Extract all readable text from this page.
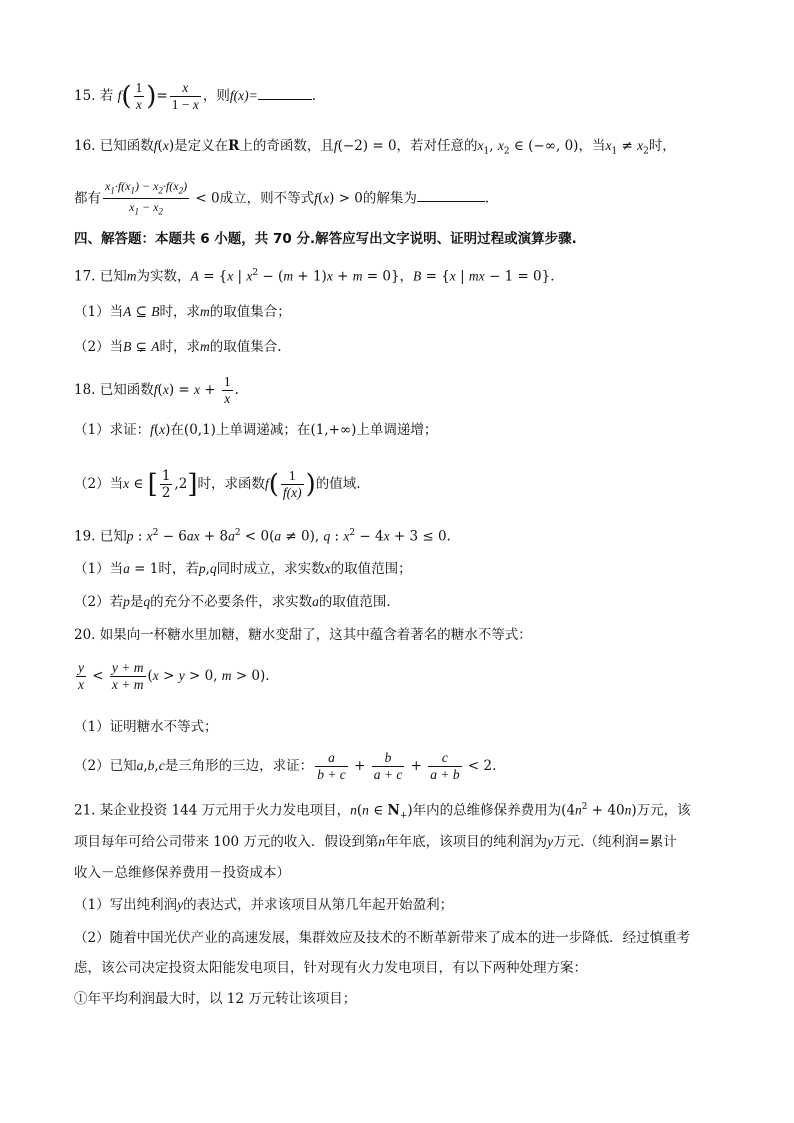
15. 若 $f( \frac{1}{x}$ )= $\frac{x}{1 - x}$ ，则f(x)=	.
16. 已知函数f(x)是定义在R上的奇函数，且f(−2) = 0，若对任意的$x_1$, $x_2$ ∈ (−∞, 0)，当$x_1 \ne x_2$时，
都有 $\frac{x_1\cdot f(x_1) - x_2\cdot f(x_2)}{x_1 - x_2} < 0$成立，则不等式f(x) > 0的解集为	.
四、解答题：本题共 6 小题，共 70 分.解答应写出文字说明、证明过程或演算步骤.
17. 已知m为实数，A = {x | $x^2 - (m + 1)x + m = 0$}，B = {x | mx − 1 = 0}.
（1）当A ⊆ B时，求m的取值集合；
（2）当B ⊊ A时，求m的取值集合.
18. 已知函数$f(x) = x + \frac{1}{x}$ .
（1）求证：f(x)在(0,1)上单调递减；在(1,+∞)上单调递增；
（2）当x ∈ [ $\frac{1}{2} ,2$]时，求函数$f( \frac{1}{f(x)}$ )的值域.
19. 已知p : $x^2 - 6ax + 8a^2 < 0(a \ne 0)$, q : $x^2 - 4x + 3 \le 0$.
（1）当a = 1时，若p,q同时成立，求实数x的取值范围；
（2）若p是q的充分不必要条件，求实数a的取值范围.
20. 如果向一杯糖水里加糖，糖水变甜了，这其中蕴含着著名的糖水不等式：
$\frac{y}{x} < \frac{y + m}{x + m} (x > y > 0$, m > 0).
（1）证明糖水不等式；
（2）已知a,b,c是三角形的三边，求证： $\frac{a}{b + c} + \frac{b}{a + c} + \frac{c}{a + b} < 2$.
21. 某企业投资 144 万元用于火力发电项目，n(n ∈ $N_+$)年内的总维修保养费用为$(4n^2 + 40n)$万元，该
项目每年可给公司带来 100 万元的收入．假设到第n年年底，该项目的纯利润为y万元.（纯利润=累计
收入－总维修保养费用－投资成本）
（1）写出纯利润y的表达式，并求该项目从第几年起开始盈利；
（2）随着中国光伏产业的高速发展，集群效应及技术的不断革新带来了成本的进一步降低．经过慎重考
虑，该公司决定投资太阳能发电项目，针对现有火力发电项目，有以下两种处理方案：
①年平均利润最大时，以 12 万元转让该项目；
